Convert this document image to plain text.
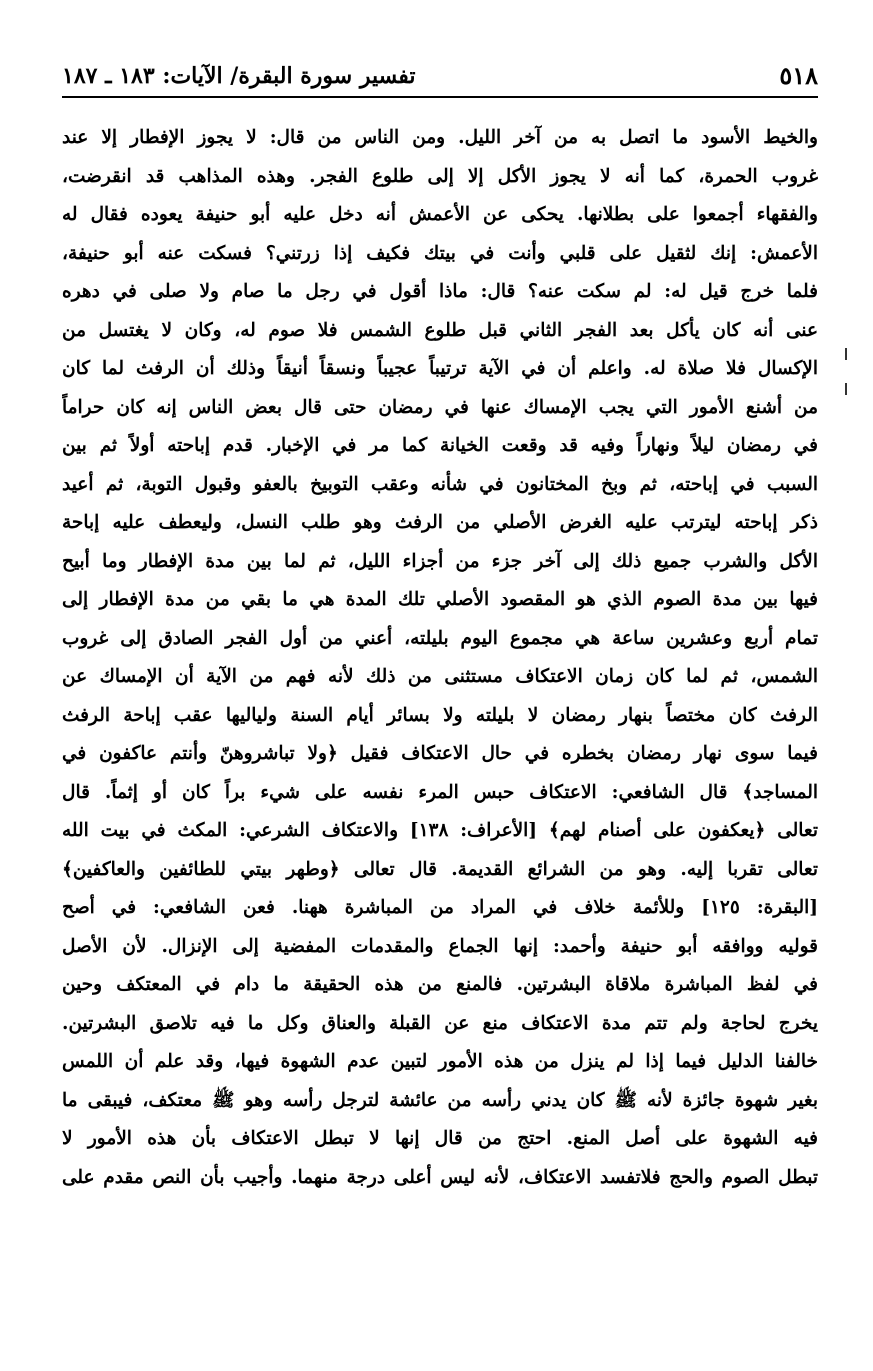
٥١٨
تفسير سورة البقرة/ الآيات: ١٨٣ ـ ١٨٧
والخيط الأسود ما اتصل به من آخر الليل. ومن الناس من قال: لا يجوز الإفطار إلا عند
غروب الحمرة، كما أنه لا يجوز الأكل إلا إلى طلوع الفجر. وهذه المذاهب قد انقرضت،
والفقهاء أجمعوا على بطلانها. يحكى عن الأعمش أنه دخل عليه أبو حنيفة يعوده فقال له
الأعمش: إنك لثقيل على قلبي وأنت في بيتك فكيف إذا زرتني؟ فسكت عنه أبو حنيفة،
فلما خرج قيل له: لم سكت عنه؟ قال: ماذا أقول في رجل ما صام ولا صلى في دهره
عنى أنه كان يأكل بعد الفجر الثاني قبل طلوع الشمس فلا صوم له، وكان لا يغتسل من
الإكسال فلا صلاة له. واعلم أن في الآية ترتيباً عجيباً ونسقاً أنيقاً وذلك أن الرفث لما كان
من أشنع الأمور التي يجب الإمساك عنها في رمضان حتى قال بعض الناس إنه كان حراماً
في رمضان ليلاً ونهاراً وفيه قد وقعت الخيانة كما مر في الإخبار. قدم إباحته أولاً ثم بين
السبب في إباحته، ثم وبخ المختانون في شأنه وعقب التوبيخ بالعفو وقبول التوبة، ثم أعيد
ذكر إباحته ليترتب عليه الغرض الأصلي من الرفث وهو طلب النسل، وليعطف عليه إباحة
الأكل والشرب جميع ذلك إلى آخر جزء من أجزاء الليل، ثم لما بين مدة الإفطار وما أبيح
فيها بين مدة الصوم الذي هو المقصود الأصلي تلك المدة هي ما بقي من مدة الإفطار إلى
تمام أربع وعشرين ساعة هي مجموع اليوم بليلته، أعني من أول الفجر الصادق إلى غروب
الشمس، ثم لما كان زمان الاعتكاف مستثنى من ذلك لأنه فهم من الآية أن الإمساك عن
الرفث كان مختصاً بنهار رمضان لا بليلته ولا بسائر أيام السنة ولياليها عقب إباحة الرفث
فيما سوى نهار رمضان بخطره في حال الاعتكاف فقيل ﴿ولا تباشروهنّ وأنتم عاكفون في
المساجد﴾ قال الشافعي: الاعتكاف حبس المرء نفسه على شيء براً كان أو إثماً. قال
تعالى ﴿يعكفون على أصنام لهم﴾ [الأعراف: ١٣٨] والاعتكاف الشرعي: المكث في بيت الله
تعالى تقربا إليه. وهو من الشرائع القديمة. قال تعالى ﴿وطهر بيتي للطائفين والعاكفين﴾
[البقرة: ١٢٥] وللأئمة خلاف في المراد من المباشرة ههنا. فعن الشافعي: في أصح
قوليه ووافقه أبو حنيفة وأحمد: إنها الجماع والمقدمات المفضية إلى الإنزال. لأن الأصل
في لفظ المباشرة ملاقاة البشرتين. فالمنع من هذه الحقيقة ما دام في المعتكف وحين
يخرج لحاجة ولم تتم مدة الاعتكاف منع عن القبلة والعناق وكل ما فيه تلاصق البشرتين.
خالفنا الدليل فيما إذا لم ينزل من هذه الأمور لتبين عدم الشهوة فيها، وقد علم أن اللمس
بغير شهوة جائزة لأنه ﷺ كان يدني رأسه من عائشة لترجل رأسه وهو ﷺ معتكف، فيبقى ما
فيه الشهوة على أصل المنع. احتج من قال إنها لا تبطل الاعتكاف بأن هذه الأمور لا
تبطل الصوم والحج فلاتفسد الاعتكاف، لأنه ليس أعلى درجة منهما. وأجيب بأن النص مقدم على
